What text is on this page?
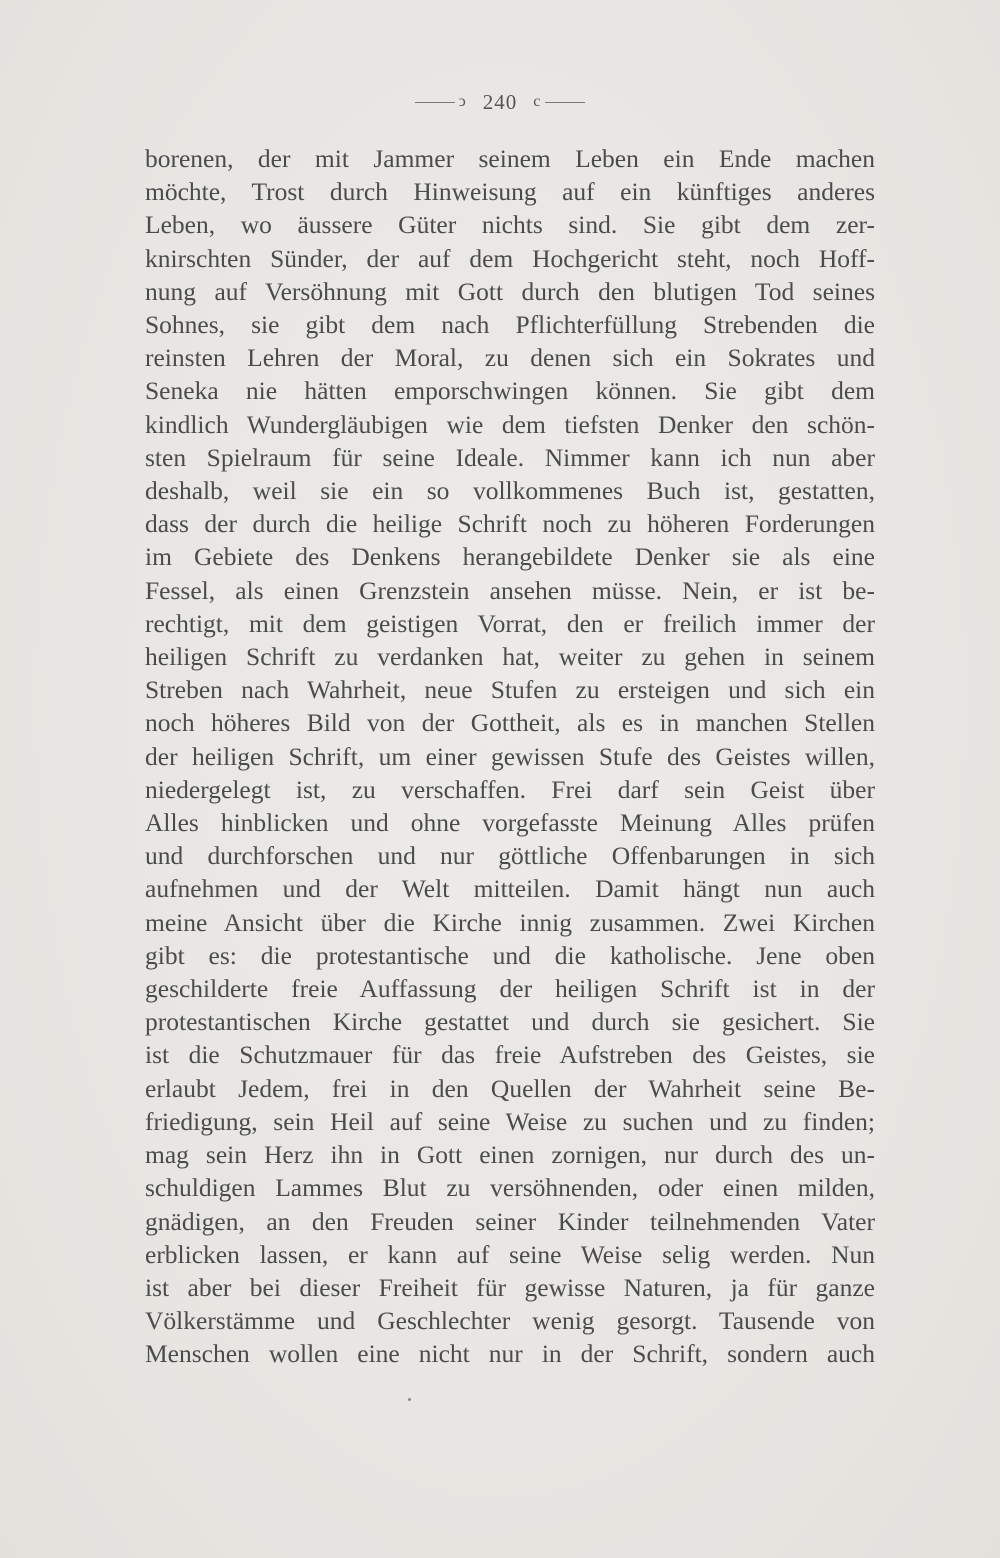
ↄ 240 c
borenen, der mit Jammer seinem Leben ein Ende machen
möchte, Trost durch Hinweisung auf ein künftiges anderes
Leben, wo äussere Güter nichts sind. Sie gibt dem zer-
knirschten Sünder, der auf dem Hochgericht steht, noch Hoff-
nung auf Versöhnung mit Gott durch den blutigen Tod seines
Sohnes, sie gibt dem nach Pflichterfüllung Strebenden die
reinsten Lehren der Moral, zu denen sich ein Sokrates und
Seneka nie hätten emporschwingen können. Sie gibt dem
kindlich Wundergläubigen wie dem tiefsten Denker den schön-
sten Spielraum für seine Ideale. Nimmer kann ich nun aber
deshalb, weil sie ein so vollkommenes Buch ist, gestatten,
dass der durch die heilige Schrift noch zu höheren Forderungen
im Gebiete des Denkens herangebildete Denker sie als eine
Fessel, als einen Grenzstein ansehen müsse. Nein, er ist be-
rechtigt, mit dem geistigen Vorrat, den er freilich immer der
heiligen Schrift zu verdanken hat, weiter zu gehen in seinem
Streben nach Wahrheit, neue Stufen zu ersteigen und sich ein
noch höheres Bild von der Gottheit, als es in manchen Stellen
der heiligen Schrift, um einer gewissen Stufe des Geistes willen,
niedergelegt ist, zu verschaffen. Frei darf sein Geist über
Alles hinblicken und ohne vorgefasste Meinung Alles prüfen
und durchforschen und nur göttliche Offenbarungen in sich
aufnehmen und der Welt mitteilen. Damit hängt nun auch
meine Ansicht über die Kirche innig zusammen. Zwei Kirchen
gibt es: die protestantische und die katholische. Jene oben
geschilderte freie Auffassung der heiligen Schrift ist in der
protestantischen Kirche gestattet und durch sie gesichert. Sie
ist die Schutzmauer für das freie Aufstreben des Geistes, sie
erlaubt Jedem, frei in den Quellen der Wahrheit seine Be-
friedigung, sein Heil auf seine Weise zu suchen und zu finden;
mag sein Herz ihn in Gott einen zornigen, nur durch des un-
schuldigen Lammes Blut zu versöhnenden, oder einen milden,
gnädigen, an den Freuden seiner Kinder teilnehmenden Vater
erblicken lassen, er kann auf seine Weise selig werden. Nun
ist aber bei dieser Freiheit für gewisse Naturen, ja für ganze
Völkerstämme und Geschlechter wenig gesorgt. Tausende von
Menschen wollen eine nicht nur in der Schrift, sondern auch
